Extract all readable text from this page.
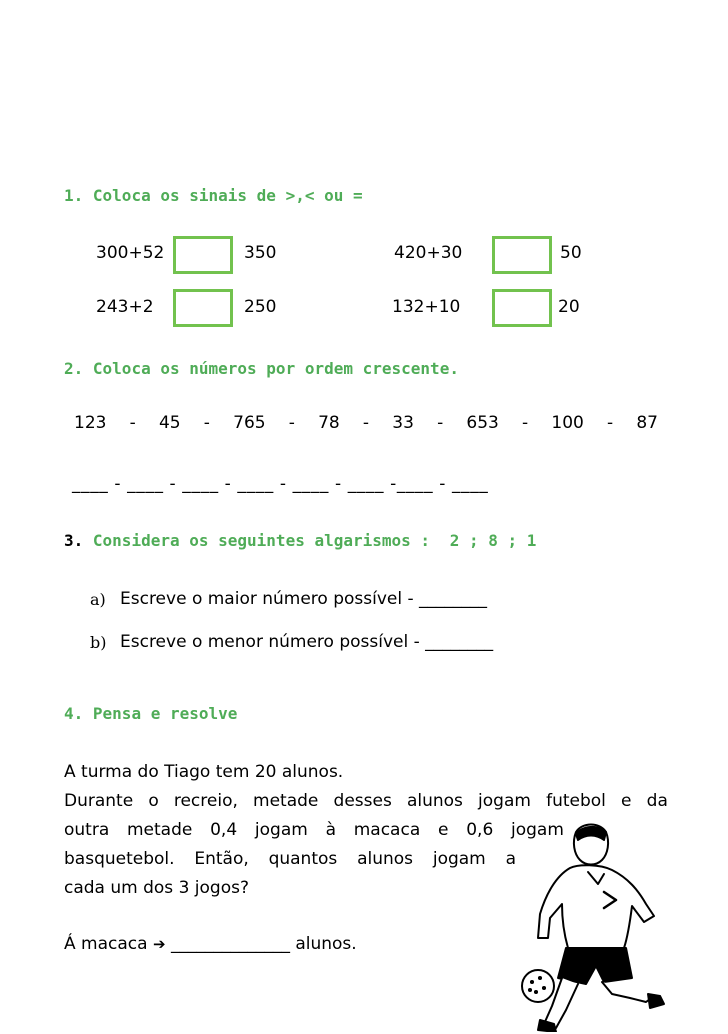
1. Coloca os sinais de >,< ou =
300+52	350	420+30	50
243+2	250	132+10	20
2. Coloca os números por ordem crescente.
123 - 45 - 765 - 78 - 33 - 653 - 100 - 87
____ - ____ - ____ - ____ - ____ - ____ -____ - ____
3. Considera os seguintes algarismos : 2 ; 8 ; 1
a) Escreve o maior número possível - ________
b) Escreve o menor número possível - ________
4. Pensa e resolve
A turma do Tiago tem 20 alunos.
Durante o recreio, metade desses alunos jogam futebol e da
outra metade 0,4 jogam à macaca e 0,6 jogam
basquetebol. Então, quantos alunos jogam a
cada um dos 3 jogos?
Á macaca ➔ ______________ alunos.
